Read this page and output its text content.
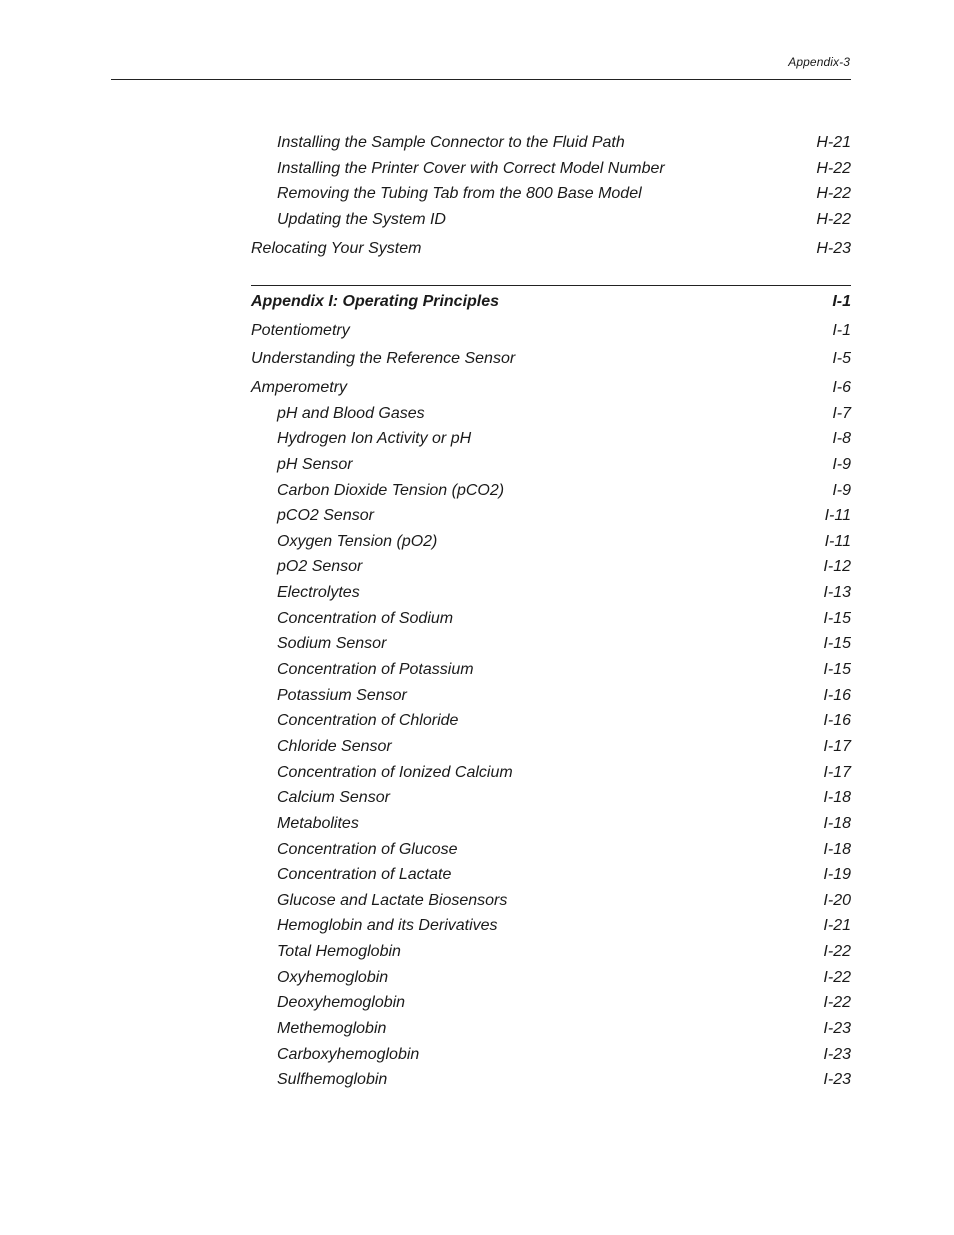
Appendix-3
Installing the Sample Connector to the Fluid Path	H-21
Installing the Printer Cover with Correct Model Number	H-22
Removing the Tubing Tab from the 800 Base Model	H-22
Updating the System ID	H-22
Relocating Your System	H-23
Appendix I: Operating Principles	I-1
Potentiometry	I-1
Understanding the Reference Sensor	I-5
Amperometry	I-6
pH and Blood Gases	I-7
Hydrogen Ion Activity or pH	I-8
pH Sensor	I-9
Carbon Dioxide Tension (pCO2)	I-9
pCO2 Sensor	I-11
Oxygen Tension (pO2)	I-11
pO2 Sensor	I-12
Electrolytes	I-13
Concentration of Sodium	I-15
Sodium Sensor	I-15
Concentration of Potassium	I-15
Potassium Sensor	I-16
Concentration of Chloride	I-16
Chloride Sensor	I-17
Concentration of Ionized Calcium	I-17
Calcium Sensor	I-18
Metabolites	I-18
Concentration of Glucose	I-18
Concentration of Lactate	I-19
Glucose and Lactate Biosensors	I-20
Hemoglobin and its Derivatives	I-21
Total Hemoglobin	I-22
Oxyhemoglobin	I-22
Deoxyhemoglobin	I-22
Methemoglobin	I-23
Carboxyhemoglobin	I-23
Sulfhemoglobin	I-23
